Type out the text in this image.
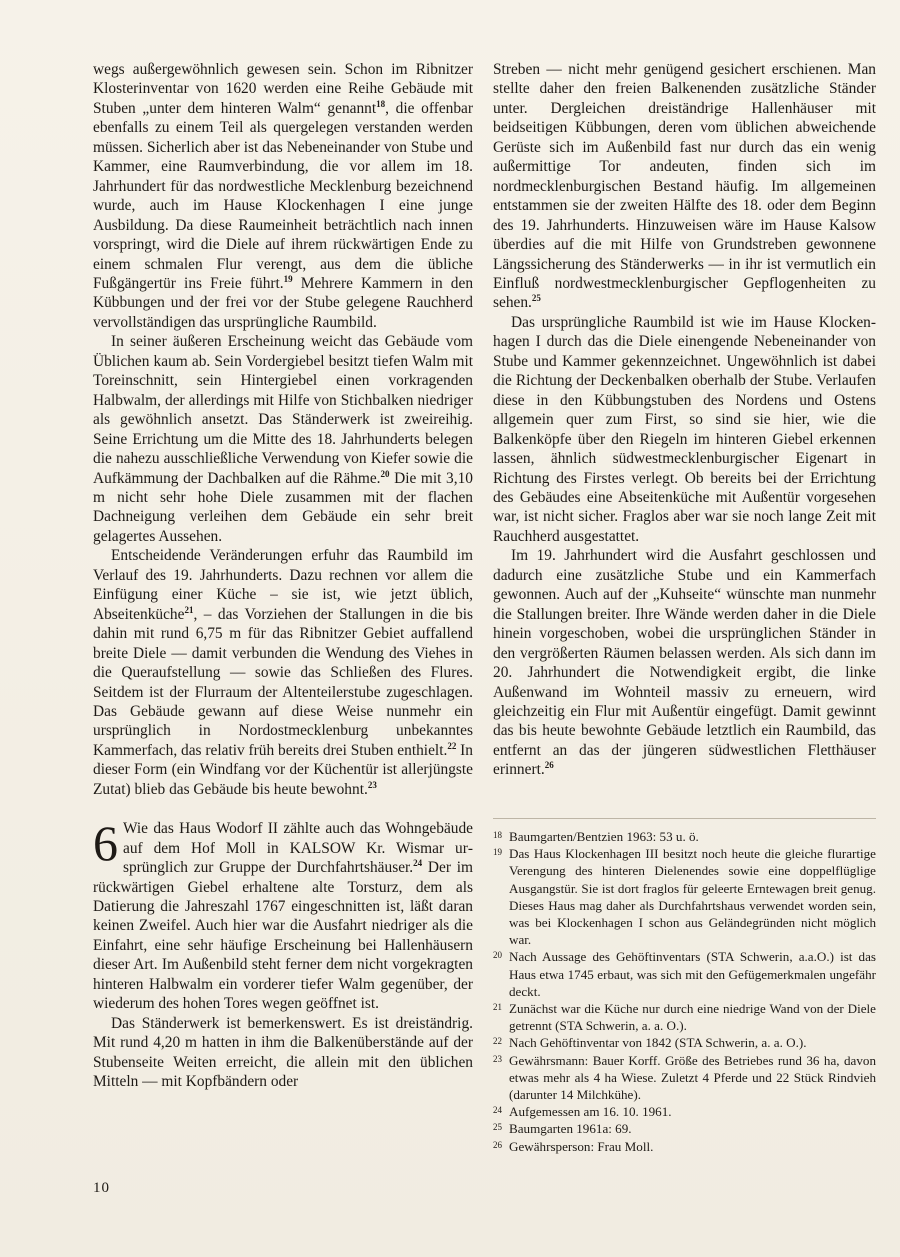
wegs außergewöhnlich gewesen sein. Schon im Ribnitzer Klosterinventar von 1620 werden eine Reihe Gebäude mit Stuben „unter dem hinteren Walm“ genannt$^{18}$, die offenbar ebenfalls zu einem Teil als quergelegen verstanden werden müssen. Sicherlich aber ist das Nebeneinander von Stube und Kammer, eine Raumverbindung, die vor allem im 18. Jahrhundert für das nordwestliche Mecklenburg bezeichnend wurde, auch im Hause Klockenhagen I eine junge Ausbildung. Da diese Raumeinheit beträchtlich nach innen vorspringt, wird die Diele auf ihrem rückwärtigen Ende zu einem schmalen Flur verengt, aus dem die übliche Fußgängertür ins Freie führt.$^{19}$ Mehrere Kammern in den Kübbungen und der frei vor der Stube gelegene Rauchherd vervollständigen das ursprüngliche Raumbild.

In seiner äußeren Erscheinung weicht das Gebäude vom Üblichen kaum ab. Sein Vordergiebel besitzt tiefen Walm mit Toreinschnitt, sein Hintergiebel einen vorkragenden Halbwalm, der allerdings mit Hilfe von Stichbalken niedriger als gewöhnlich ansetzt. Das Ständerwerk ist zweireihig. Seine Errichtung um die Mitte des 18. Jahrhunderts belegen die nahezu ausschließliche Verwendung von Kiefer sowie die Aufkämmung der Dachbalken auf die Rähme.$^{20}$ Die mit 3,10 m nicht sehr hohe Diele zusammen mit der flachen Dachneigung verleihen dem Gebäude ein sehr breit gelagertes Aussehen.

Entscheidende Veränderungen erfuhr das Raumbild im Verlauf des 19. Jahrhunderts. Dazu rechnen vor allem die Einfügung einer Küche – sie ist, wie jetzt üblich, Abseitenküche$^{21}$, – das Vorziehen der Stallungen in die bis dahin mit rund 6,75 m für das Ribnitzer Gebiet auffallend breite Diele — damit verbunden die Wendung des Viehes in die Queraufstellung — sowie das Schließen des Flures. Seitdem ist der Flurraum der Altenteilerstube zugeschlagen. Das Gebäude gewann auf diese Weise nunmehr ein ursprünglich in Nordostmecklenburg unbekanntes Kammerfach, das relativ früh bereits drei Stuben enthielt.$^{22}$ In dieser Form (ein Windfang vor der Küchentür ist allerjüngste Zutat) blieb das Gebäude bis heute bewohnt.$^{23}$

6 Wie das Haus Wodorf II zählte auch das Wohngebäude auf dem Hof Moll in KALSOW Kr. Wismar ursprünglich zur Gruppe der Durchfahrtshäuser.$^{24}$ Der im rückwärtigen Giebel erhaltene alte Torsturz, dem als Datierung die Jahreszahl 1767 eingeschnitten ist, läßt daran keinen Zweifel. Auch hier war die Ausfahrt niedriger als die Einfahrt, eine sehr häufige Erscheinung bei Hallenhäusern dieser Art. Im Außenbild steht ferner dem nicht vorgekragten hinteren Halbwalm ein vorderer tiefer Walm gegenüber, der wiederum des hohen Tores wegen geöffnet ist.

Das Ständerwerk ist bemerkenswert. Es ist dreiständrig. Mit rund 4,20 m hatten in ihm die Balkenüberstände auf der Stubenseite Weiten erreicht, die allein mit den üblichen Mitteln — mit Kopfbändern oder

Streben — nicht mehr genügend gesichert erschienen. Man stellte daher den freien Balkenenden zusätzliche Ständer unter. Dergleichen dreiständrige Hallenhäuser mit beidseitigen Kübbungen, deren vom üblichen abweichende Gerüste sich im Außenbild fast nur durch das ein wenig außermittige Tor andeuten, finden sich im nordmecklenburgischen Bestand häufig. Im allgemeinen entstammen sie der zweiten Hälfte des 18. oder dem Beginn des 19. Jahrhunderts. Hinzuweisen wäre im Hause Kalsow überdies auf die mit Hilfe von Grundstreben gewonnene Längssicherung des Ständerwerks — in ihr ist vermutlich ein Einfluß nordwestmecklenburgischer Gepflogenheiten zu sehen.$^{25}$

Das ursprüngliche Raumbild ist wie im Hause Klockenhagen I durch das die Diele einengende Nebeneinander von Stube und Kammer gekennzeichnet. Ungewöhnlich ist dabei die Richtung der Deckenbalken oberhalb der Stube. Verlaufen diese in den Kübbungstuben des Nordens und Ostens allgemein quer zum First, so sind sie hier, wie die Balkenköpfe über den Riegeln im hinteren Giebel erkennen lassen, ähnlich südwestmecklenburgischer Eigenart in Richtung des Firstes verlegt. Ob bereits bei der Errichtung des Gebäudes eine Abseitenküche mit Außentür vorgesehen war, ist nicht sicher. Fraglos aber war sie noch lange Zeit mit Rauchherd ausgestattet.

Im 19. Jahrhundert wird die Ausfahrt geschlossen und dadurch eine zusätzliche Stube und ein Kammerfach gewonnen. Auch auf der „Kuhseite“ wünschte man nunmehr die Stallungen breiter. Ihre Wände werden daher in die Diele hinein vorgeschoben, wobei die ursprünglichen Ständer in den vergrößerten Räumen belassen werden. Als sich dann im 20. Jahrhundert die Notwendigkeit ergibt, die linke Außenwand im Wohnteil massiv zu erneuern, wird gleichzeitig ein Flur mit Außentür eingefügt. Damit gewinnt das bis heute bewohnte Gebäude letztlich ein Raumbild, das entfernt an das der jüngeren südwestlichen Fletthäuser erinnert.$^{26}$

18 Baumgarten/Bentzien 1963: 53 u. ö.
19 Das Haus Klockenhagen III besitzt noch heute die gleiche flurartige Verengung des hinteren Dielenendes sowie eine doppelflüglige Ausgangstür. Sie ist dort fraglos für geleerte Erntewagen breit genug. Dieses Haus mag daher als Durchfahrtshaus verwendet worden sein, was bei Klockenhagen I schon aus Geländegründen nicht möglich war.
20 Nach Aussage des Gehöftinventars (STA Schwerin, a.a.O.) ist das Haus etwa 1745 erbaut, was sich mit den Gefügemerkmalen ungefähr deckt.
21 Zunächst war die Küche nur durch eine niedrige Wand von der Diele getrennt (STA Schwerin, a. a. O.).
22 Nach Gehöftinventar von 1842 (STA Schwerin, a. a. O.).
23 Gewährsmann: Bauer Korff. Größe des Betriebes rund 36 ha, davon etwas mehr als 4 ha Wiese. Zuletzt 4 Pferde und 22 Stück Rindvieh (darunter 14 Milchkühe).
24 Aufgemessen am 16. 10. 1961.
25 Baumgarten 1961a: 69.
26 Gewährsperson: Frau Moll.
10
